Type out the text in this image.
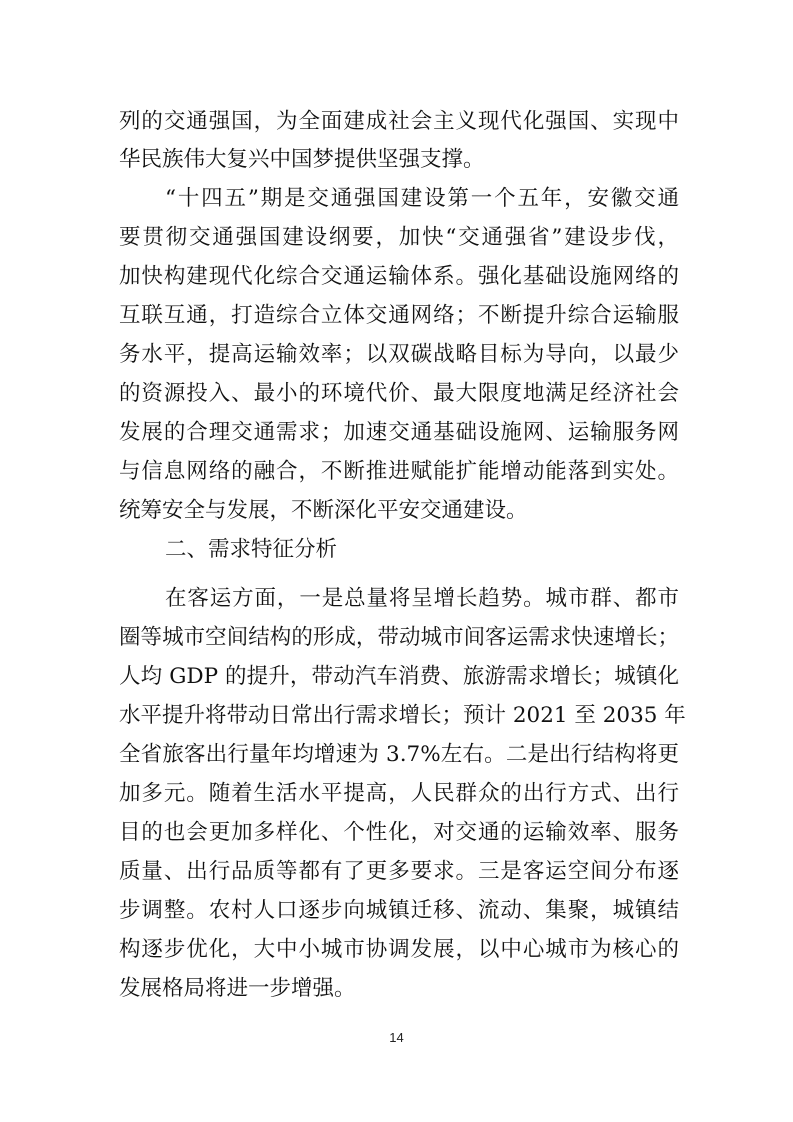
列的交通强国，为全面建成社会主义现代化强国、实现中
华民族伟大复兴中国梦提供坚强支撑。
“十四五”期是交通强国建设第一个五年，安徽交通
要贯彻交通强国建设纲要，加快“交通强省”建设步伐，
加快构建现代化综合交通运输体系。强化基础设施网络的
互联互通，打造综合立体交通网络；不断提升综合运输服
务水平，提高运输效率；以双碳战略目标为导向，以最少
的资源投入、最小的环境代价、最大限度地满足经济社会
发展的合理交通需求；加速交通基础设施网、运输服务网
与信息网络的融合，不断推进赋能扩能增动能落到实处。
统筹安全与发展，不断深化平安交通建设。
二、需求特征分析
在客运方面，一是总量将呈增长趋势。城市群、都市
圈等城市空间结构的形成，带动城市间客运需求快速增长；
人均 GDP 的提升，带动汽车消费、旅游需求增长；城镇化
水平提升将带动日常出行需求增长；预计 2021 至 2035 年
全省旅客出行量年均增速为 3.7%左右。二是出行结构将更
加多元。随着生活水平提高，人民群众的出行方式、出行
目的也会更加多样化、个性化，对交通的运输效率、服务
质量、出行品质等都有了更多要求。三是客运空间分布逐
步调整。农村人口逐步向城镇迁移、流动、集聚，城镇结
构逐步优化，大中小城市协调发展，以中心城市为核心的
发展格局将进一步增强。
14
